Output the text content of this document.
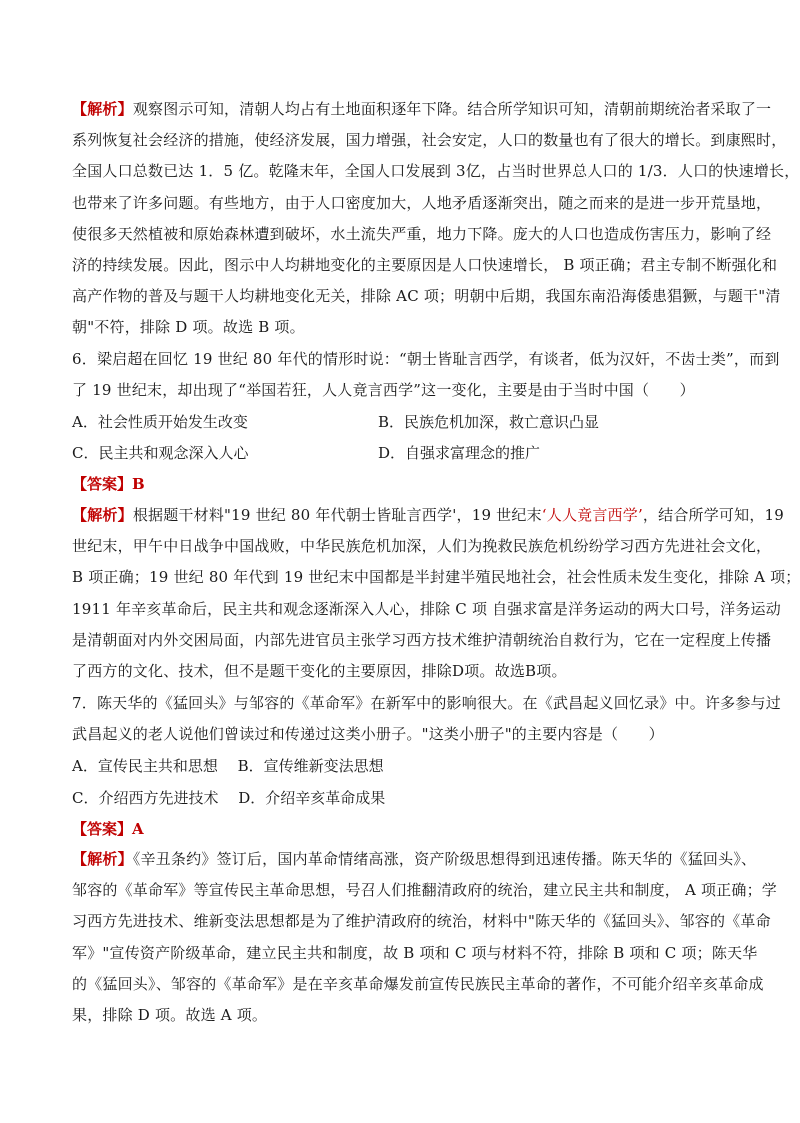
【解析】观察图示可知，清朝人均占有土地面积逐年下降。结合所学知识可知，清朝前期统治者采取了一
系列恢复社会经济的措施，使经济发展，国力增强，社会安定，人口的数量也有了很大的增长。到康熙时，
全国人口总数已达 1．5 亿。乾隆末年，全国人口发展到 3亿，占当时世界总人口的 1/3．人口的快速增长，
也带来了许多问题。有些地方，由于人口密度加大，人地矛盾逐渐突出，随之而来的是进一步开荒垦地，
使很多天然植被和原始森林遭到破坏，水土流失严重，地力下降。庞大的人口也造成伤害压力，影响了经
济的持续发展。因此，图示中人均耕地变化的主要原因是人口快速增长， B 项正确；君主专制不断强化和
高产作物的普及与题干人均耕地变化无关，排除 AC 项；明朝中后期，我国东南沿海倭患猖獗，与题干"清
朝"不符，排除 D 项。故选 B 项。
6．梁启超在回忆 19 世纪 80 年代的情形时说：“朝士皆耻言西学，有谈者，低为汉奸，不齿士类”，而到
了 19 世纪末，却出现了“举国若狂，人人竟言西学”这一变化，主要是由于当时中国（　　）
A．社会性质开始发生改变	B．民族危机加深，救亡意识凸显
C．民主共和观念深入人心	D．自强求富理念的推广
【答案】B
【解析】根据题干材料"19 世纪 80 年代朝士皆耻言西学'，19 世纪末‘人人竟言西学’，结合所学可知，19
世纪末，甲午中日战争中国战败，中华民族危机加深，人们为挽救民族危机纷纷学习西方先进社会文化，
B 项正确；19 世纪 80 年代到 19 世纪末中国都是半封建半殖民地社会，社会性质未发生变化，排除 A 项；
1911 年辛亥革命后，民主共和观念逐渐深入人心，排除 C 项 自强求富是洋务运动的两大口号，洋务运动
是清朝面对内外交困局面，内部先进官员主张学习西方技术维护清朝统治自救行为，它在一定程度上传播
了西方的文化、技术，但不是题干变化的主要原因，排除D项。故选B项。
7．陈天华的《猛回头》与邹容的《革命军》在新军中的影响很大。在《武昌起义回忆录》中。许多参与过
武昌起义的老人说他们曾读过和传递过这类小册子。"这类小册子"的主要内容是（　　）
A．宣传民主共和思想　 B．宣传维新变法思想
C．介绍西方先进技术　 D．介绍辛亥革命成果
【答案】A
【解析】《辛丑条约》签订后，国内革命情绪高涨，资产阶级思想得到迅速传播。陈天华的《猛回头》、
邹容的《革命军》等宣传民主革命思想，号召人们推翻清政府的统治，建立民主共和制度， A 项正确；学
习西方先进技术、维新变法思想都是为了维护清政府的统治，材料中"陈天华的《猛回头》、邹容的《革命
军》"宣传资产阶级革命，建立民主共和制度，故 B 项和 C 项与材料不符，排除 B 项和 C 项；陈天华
的《猛回头》、邹容的《革命军》是在辛亥革命爆发前宣传民族民主革命的著作，不可能介绍辛亥革命成
果，排除 D 项。故选 A 项。
